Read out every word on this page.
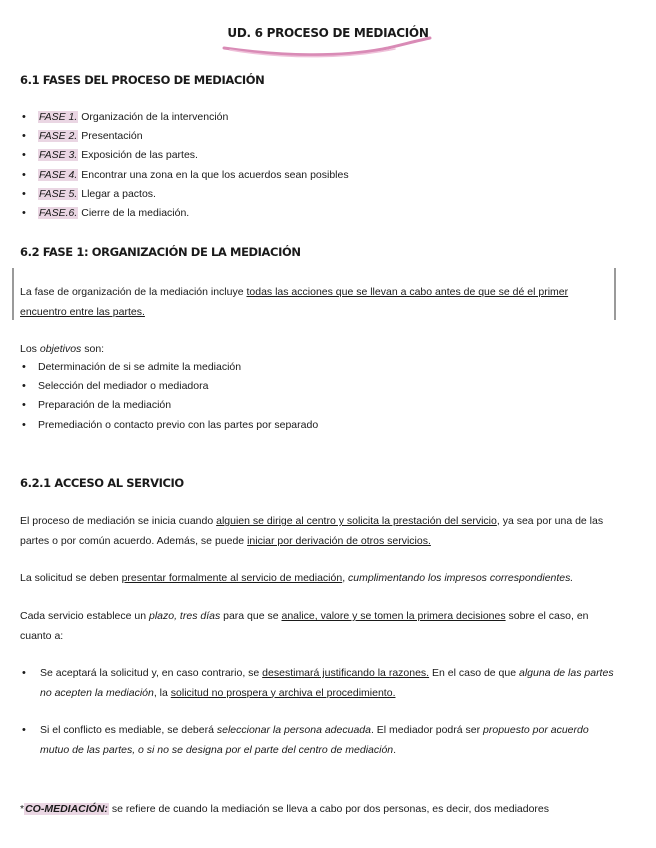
UD. 6 PROCESO DE MEDIACIÓN
6.1 FASES DEL PROCESO DE MEDIACIÓN
• FASE 1. Organización de la intervención
• FASE 2. Presentación
• FASE 3. Exposición de las partes.
• FASE 4. Encontrar una zona en la que los acuerdos sean posibles
• FASE 5. Llegar a pactos.
• FASE.6. Cierre de la mediación.
6.2 FASE 1: ORGANIZACIÓN DE LA MEDIACIÓN
La fase de organización de la mediación incluye todas las acciones que se llevan a cabo antes de que se dé el primer encuentro entre las partes.
Los objetivos son:
• Determinación de si se admite la mediación
• Selección del mediador o mediadora
• Preparación de la mediación
• Premediación o contacto previo con las partes por separado
6.2.1 ACCESO AL SERVICIO
El proceso de mediación se inicia cuando alguien se dirige al centro y solicita la prestación del servicio, ya sea por una de las partes o por común acuerdo. Además, se puede iniciar por derivación de otros servicios.
La solicitud se deben presentar formalmente al servicio de mediación, cumplimentando los impresos correspondientes.
Cada servicio establece un plazo, tres días para que se analice, valore y se tomen la primera decisiones sobre el caso, en cuanto a:
• Se aceptará la solicitud y, en caso contrario, se desestimará justificando la razones. En el caso de que alguna de las partes no acepten la mediación, la solicitud no prospera y archiva el procedimiento.
• Si el conflicto es mediable, se deberá seleccionar la persona adecuada. El mediador podrá ser propuesto por acuerdo mutuo de las partes, o si no se designa por el parte del centro de mediación.
*CO-MEDIACIÓN: se refiere de cuando la mediación se lleva a cabo por dos personas, es decir, dos mediadores
